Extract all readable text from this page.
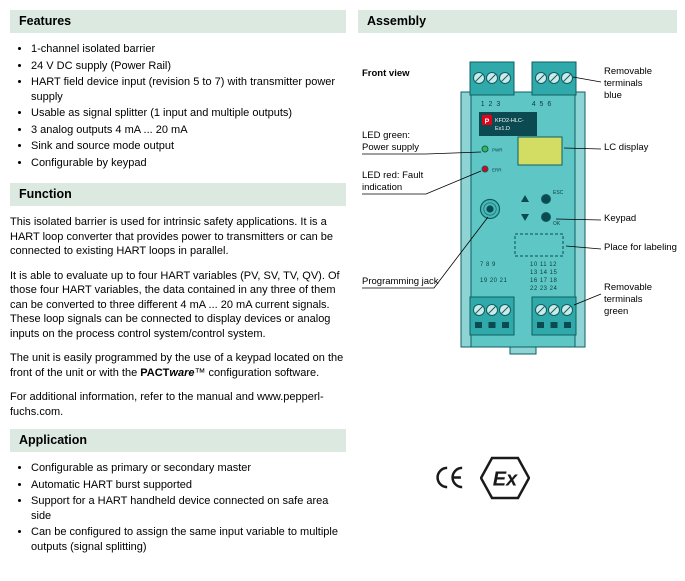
Features
• 1-channel isolated barrier
• 24 V DC supply (Power Rail)
• HART field device input (revision 5 to 7) with transmitter power supply
• Usable as signal splitter (1 input and multiple outputs)
• 3 analog outputs 4 mA ... 20 mA
• Sink and source mode output
• Configurable by keypad
Function

This isolated barrier is used for intrinsic safety applications. It is a HART loop converter that provides power to transmitters or can be connected to existing HART loops in parallel.

It is able to evaluate up to four HART variables (PV, SV, TV, QV). Of those four HART variables, the data contained in any three of them can be converted to three different 4 mA ... 20 mA current signals. These loop signals can be connected to display devices or analog inputs on the process control system/control system.

The unit is easily programmed by the use of a keypad located on the front of the unit or with the PACTware™ configuration software.

For additional information, refer to the manual and www.pepperl-fuchs.com.

Application
• Configurable as primary or secondary master
• Automatic HART burst supported
• Support for a HART handheld device connected on safe area side
• Can be configured to assign the same input variable to multiple outputs (signal splitting)
Assembly
1 2 3	4 5 6
P KFD2-HLC-
Ex1.D
PWR
ERR
ESC
OK
7 8 9
19 20 21
10 11 12
13 14 15
16 17 18
22 23 24
Front view
LED green: Power supply
LED red: Fault indication
Programming jack
Removable terminals blue
LC display
Keypad
Place for labeling
Removable terminals green
Ex
